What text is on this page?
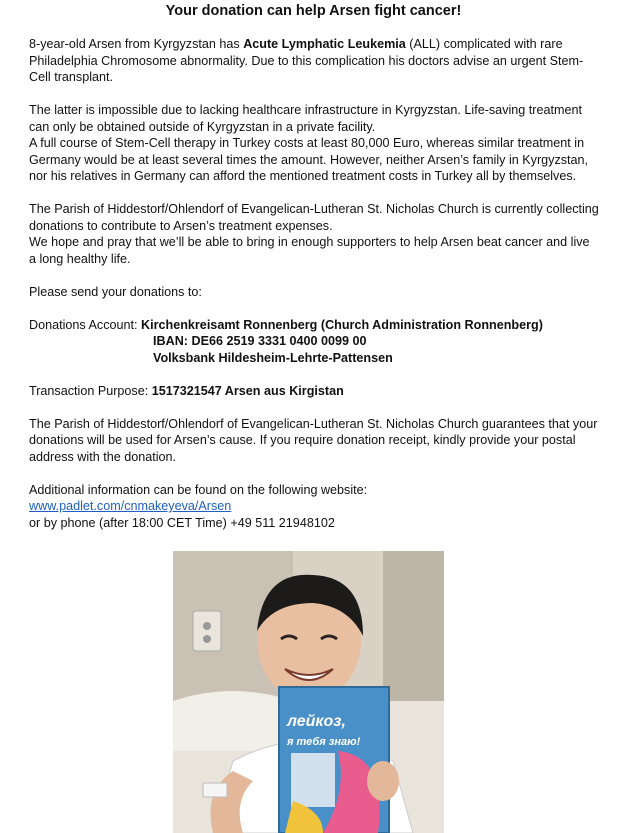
Your donation can help Arsen fight cancer!

8-year-old Arsen from Kyrgyzstan has Acute Lymphatic Leukemia (ALL) complicated with rare Philadelphia Chromosome abnormality. Due to this complication his doctors advise an urgent Stem-Cell transplant.

The latter is impossible due to lacking healthcare infrastructure in Kyrgyzstan. Life-saving treatment can only be obtained outside of Kyrgyzstan in a private facility.

A full course of Stem-Cell therapy in Turkey costs at least 80,000 Euro, whereas similar treatment in Germany would be at least several times the amount. However, neither Arsen’s family in Kyrgyzstan, nor his relatives in Germany can afford the mentioned treatment costs in Turkey all by themselves.

The Parish of Hiddestorf/Ohlendorf of Evangelican-Lutheran St. Nicholas Church is currently collecting donations to contribute to Arsen’s treatment expenses.

We hope and pray that we’ll be able to bring in enough supporters to help Arsen beat cancer and live a long healthy life.

Please send your donations to:

Donations Account: Kirchenkreisamt Ronnenberg (Church Administration Ronnenberg)
IBAN: DE66 2519 3331 0400 0099 00
Volksbank Hildesheim-Lehrte-Pattensen

Transaction Purpose: 1517321547 Arsen aus Kirgistan

The Parish of Hiddestorf/Ohlendorf of Evangelican-Lutheran St. Nicholas Church guarantees that your donations will be used for Arsen’s cause. If you require donation receipt, kindly provide your postal address with the donation.

Additional information can be found on the following website:
www.padlet.com/cnmakeyeva/Arsen
or by phone (after 18:00 CET Time) +49 511 21948102
лейкоз,
я тебя знаю!
